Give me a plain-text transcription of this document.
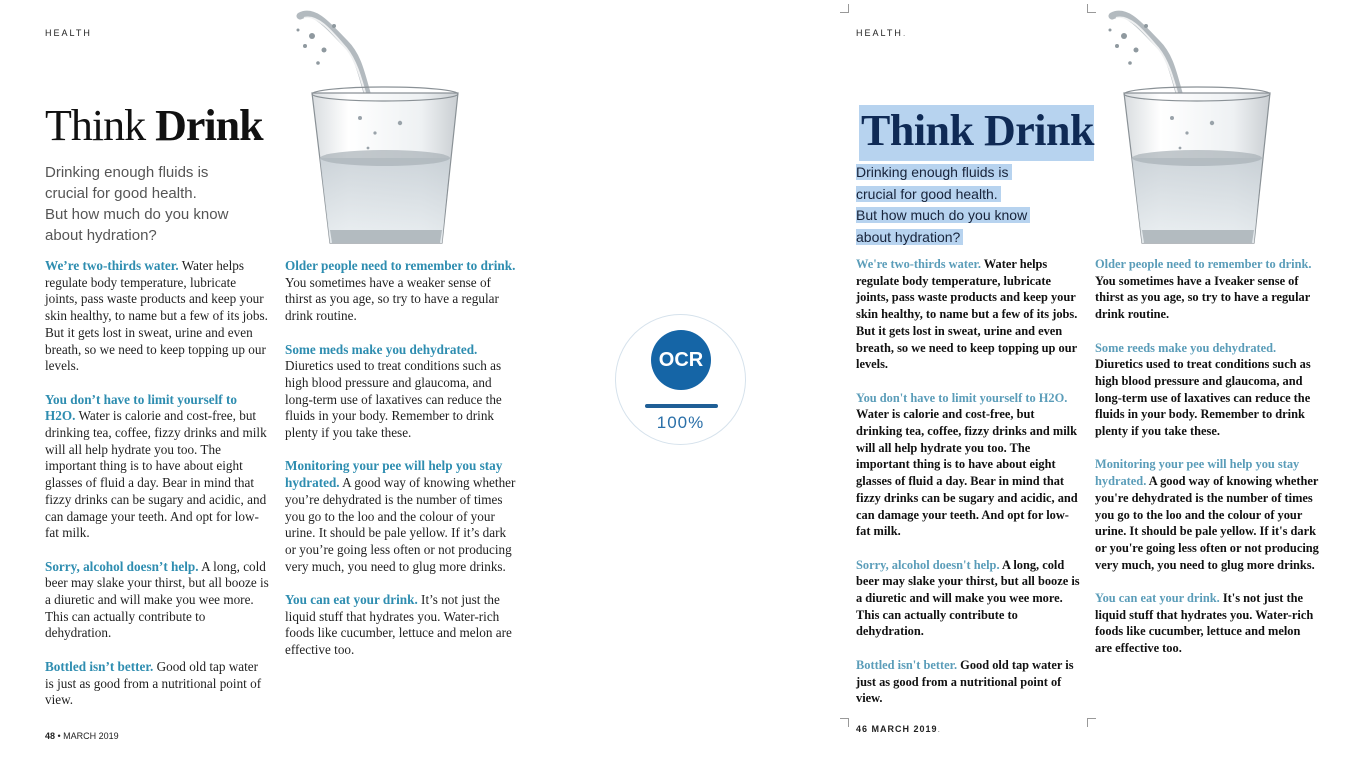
HEALTH
Think Drink
Drinking enough fluids is
crucial for good health.
But how much do you know
about hydration?

We’re two-thirds water. Water helps regulate body temperature, lubricate joints, pass waste products and keep your skin healthy, to name but a few of its jobs. But it gets lost in sweat, urine and even breath, so we need to keep topping up our levels.

You don’t have to limit yourself to H2O. Water is calorie and cost-free, but drinking tea, coffee, fizzy drinks and milk will all help hydrate you too. The important thing is to have about eight glasses of fluid a day. Bear in mind that fizzy drinks can be sugary and acidic, and can damage your teeth. And opt for low-fat milk.

Sorry, alcohol doesn’t help. A long, cold beer may slake your thirst, but all booze is a diuretic and will make you wee more. This can actually contribute to dehydration.

Bottled isn’t better. Good old tap water is just as good from a nutritional point of view.

Older people need to remember to drink. You sometimes have a weaker sense of thirst as you age, so try to have a regular drink routine.

Some meds make you dehydrated. Diuretics used to treat conditions such as high blood pressure and glaucoma, and long-term use of laxatives can reduce the fluids in your body. Remember to drink plenty if you take these.

Monitoring your pee will help you stay hydrated. A good way of knowing whether you’re dehydrated is the number of times you go to the loo and the colour of your urine. It should be pale yellow. If it’s dark or you’re going less often or not producing very much, you need to glug more drinks.

You can eat your drink. It’s not just the liquid stuff that hydrates you. Water-rich foods like cucumber, lettuce and melon are effective too.

48 • MARCH 2019
OCR
100%
HEALTH.
Think Drink
Drinking enough fluids is
crucial for good health.
But how much do you know
about hydration?

We're two-thirds water. Water helps regulate body temperature, lubricate joints, pass waste products and keep your skin healthy, to name but a few of its jobs. But it gets lost in sweat, urine and even breath, so we need to keep topping up our levels.

You don't have to limit yourself to H2O. Water is calorie and cost-free, but drinking tea, coffee, fizzy drinks and milk will all help hydrate you too. The important thing is to have about eight glasses of fluid a day. Bear in mind that fizzy drinks can be sugary and acidic, and can damage your teeth. And opt for low-fat milk.

Sorry, alcohol doesn't help. A long, cold beer may slake your thirst, but all booze is a diuretic and will make you wee more. This can actually contribute to dehydration.

Bottled isn't better. Good old tap water is just as good from a nutritional point of view.

Older people need to remember to drink. You sometimes have a Iveaker sense of thirst as you age, so try to have a regular drink routine.

Some reeds make you dehydrated. Diuretics used to treat conditions such as high blood pressure and glaucoma, and long-term use of laxatives can reduce the fluids in your body. Remember to drink plenty if you take these.

Monitoring your pee will help you stay hydrated. A good way of knowing whether you're dehydrated is the number of times you go to the loo and the colour of your urine. It should be pale yellow. If it's dark or you're going less often or not producing very much, you need to glug more drinks.

You can eat your drink. It's not just the liquid stuff that hydrates you. Water-rich foods like cucumber, lettuce and melon are effective too.

46 MARCH 2019.
